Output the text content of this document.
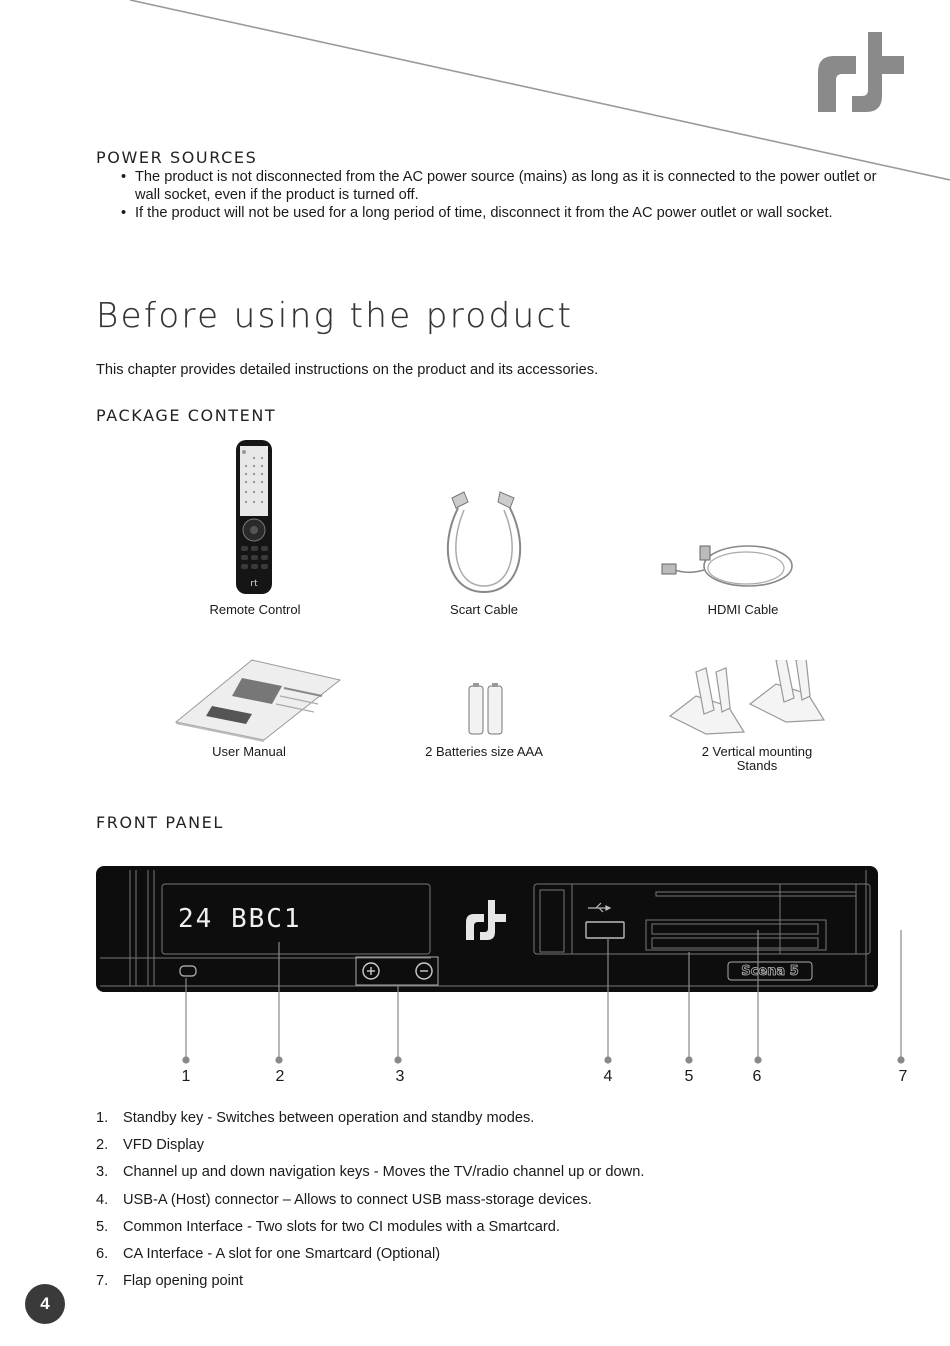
POWER SOURCES
• The product is not disconnected from the AC power source (mains) as long as it is connected to the power outlet or wall socket, even if the product is turned off.
• If the product will not be used for a long period of time, disconnect it from the AC power outlet or wall socket.
Before using the product

This chapter provides detailed instructions on the product and its accessories.

PACKAGE CONTENT
rt
Remote Control	Scart Cable	HDMI Cable
User Manual	2 Batteries size AAA	2 Vertical mounting Stands
FRONT PANEL
24 BBC1
Scena 5
1	2	3	4	5	6	7
1.	Standby key - Switches between operation and standby modes.
2.	VFD Display
3.	Channel up and down navigation keys - Moves the TV/radio channel up or down.
4.	USB-A (Host) connector – Allows to connect USB mass-storage devices.
5.	Common Interface - Two slots for two CI modules with a Smartcard.
6.	CA Interface - A slot for one Smartcard (Optional)
7.	Flap opening point
4
